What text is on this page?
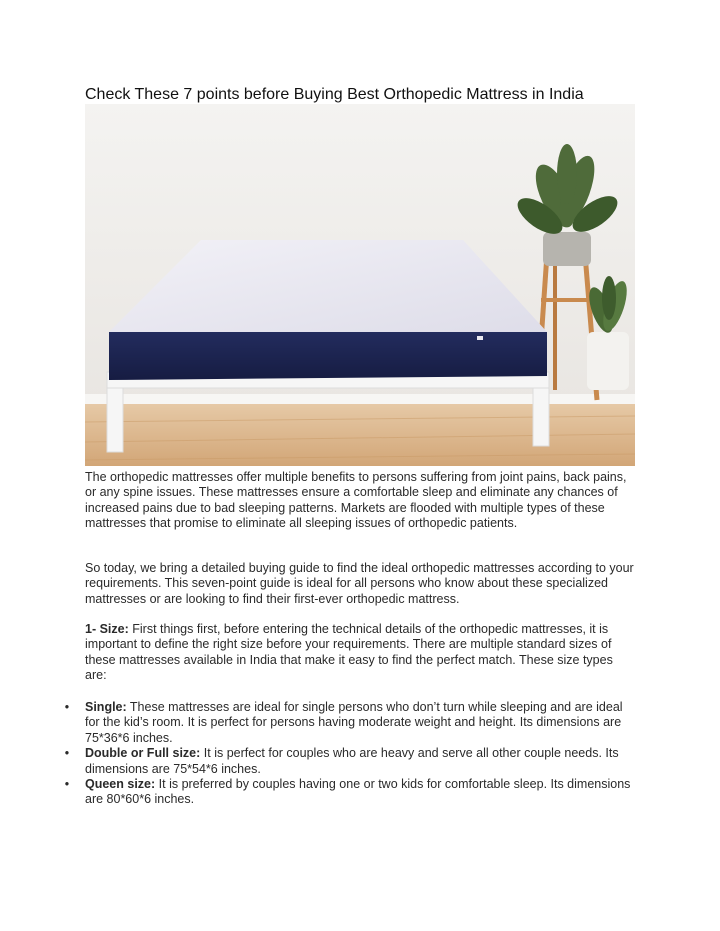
Check These 7 points before Buying Best Orthopedic Mattress in India

The orthopedic mattresses offer multiple benefits to persons suffering from joint pains, back pains, or any spine issues. These mattresses ensure a comfortable sleep and eliminate any chances of increased pains due to bad sleeping patterns. Markets are flooded with multiple types of these mattresses that promise to eliminate all sleeping issues of orthopedic patients.

So today, we bring a detailed buying guide to find the ideal orthopedic mattresses according to your requirements. This seven-point guide is ideal for all persons who know about these specialized mattresses or are looking to find their first-ever orthopedic mattress.

1- Size: First things first, before entering the technical details of the orthopedic mattresses, it is important to define the right size before your requirements. There are multiple standard sizes of these mattresses available in India that make it easy to find the perfect match. These size types are:

• Single: These mattresses are ideal for single persons who don’t turn while sleeping and are ideal for the kid’s room. It is perfect for persons having moderate weight and height. Its dimensions are 75*36*6 inches.
• Double or Full size: It is perfect for couples who are heavy and serve all other couple needs. Its dimensions are 75*54*6 inches.
• Queen size: It is preferred by couples having one or two kids for comfortable sleep. Its dimensions are 80*60*6 inches.
